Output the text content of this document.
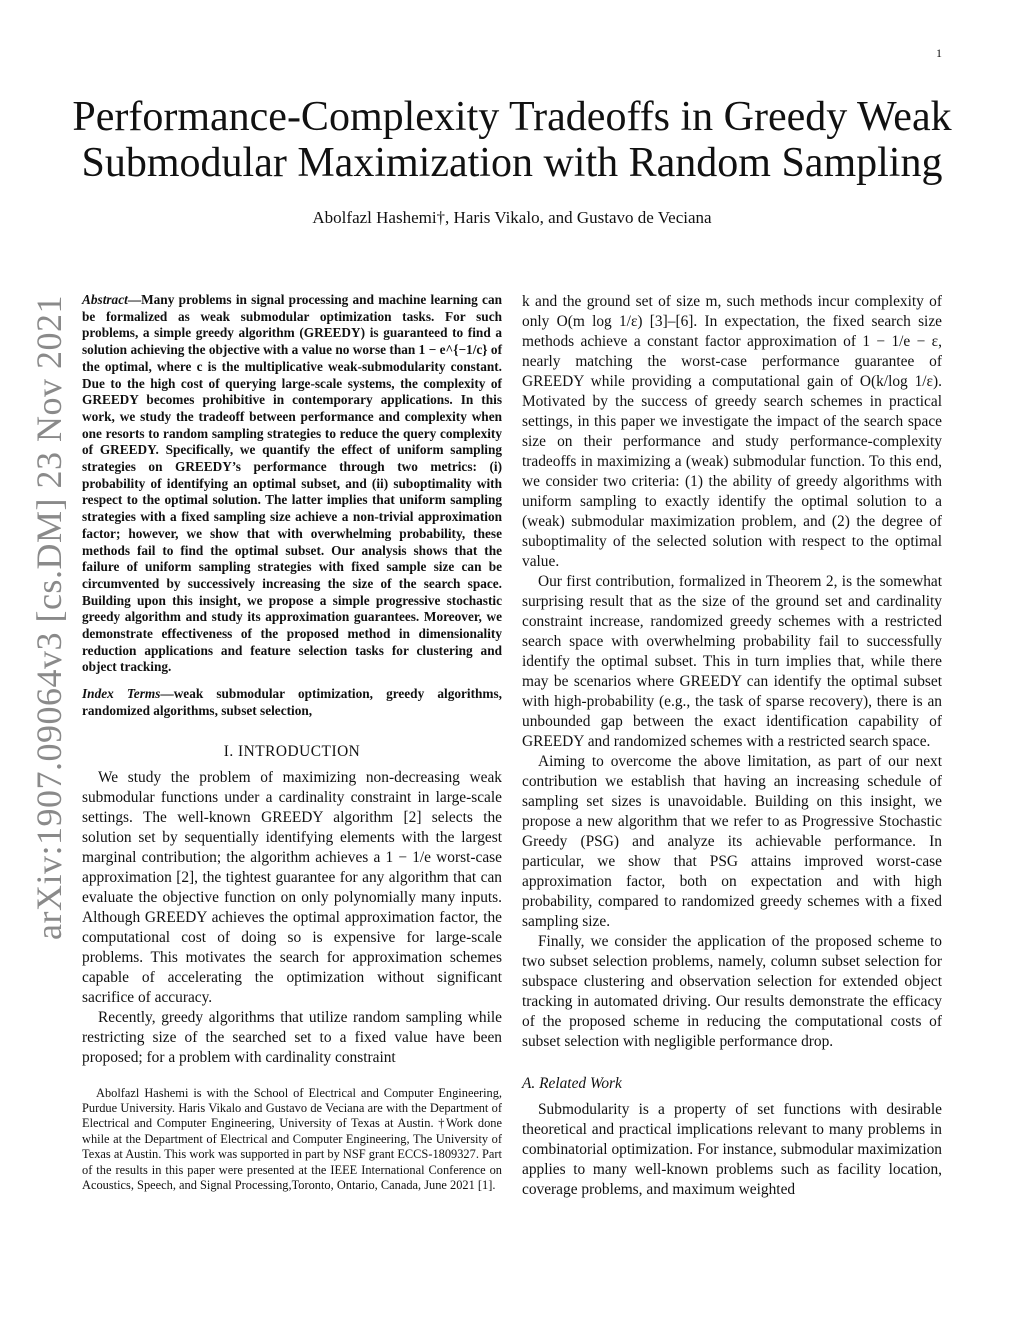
1
arXiv:1907.09064v3 [cs.DM] 23 Nov 2021
Performance-Complexity Tradeoffs in Greedy Weak Submodular Maximization with Random Sampling
Abolfazl Hashemi†, Haris Vikalo, and Gustavo de Veciana

Abstract—Many problems in signal processing and machine learning can be formalized as weak submodular optimization tasks. For such problems, a simple greedy algorithm (GREEDY) is guaranteed to find a solution achieving the objective with a value no worse than 1 − e^{−1/c} of the optimal, where c is the multiplicative weak-submodularity constant. Due to the high cost of querying large-scale systems, the complexity of GREEDY becomes prohibitive in contemporary applications. In this work, we study the tradeoff between performance and complexity when one resorts to random sampling strategies to reduce the query complexity of GREEDY. Specifically, we quantify the effect of uniform sampling strategies on GREEDY’s performance through two metrics: (i) probability of identifying an optimal subset, and (ii) suboptimality with respect to the optimal solution. The latter implies that uniform sampling strategies with a fixed sampling size achieve a non-trivial approximation factor; however, we show that with overwhelming probability, these methods fail to find the optimal subset. Our analysis shows that the failure of uniform sampling strategies with fixed sample size can be circumvented by successively increasing the size of the search space. Building upon this insight, we propose a simple progressive stochastic greedy algorithm and study its approximation guarantees. Moreover, we demonstrate effectiveness of the proposed method in dimensionality reduction applications and feature selection tasks for clustering and object tracking.

Index Terms—weak submodular optimization, greedy algorithms, randomized algorithms, subset selection,

I. INTRODUCTION

We study the problem of maximizing non-decreasing weak submodular functions under a cardinality constraint in large-scale settings. The well-known GREEDY algorithm [2] selects the solution set by sequentially identifying elements with the largest marginal contribution; the algorithm achieves a 1 − 1/e worst-case approximation [2], the tightest guarantee for any algorithm that can evaluate the objective function on only polynomially many inputs. Although GREEDY achieves the optimal approximation factor, the computational cost of doing so is expensive for large-scale problems. This motivates the search for approximation schemes capable of accelerating the optimization without significant sacrifice of accuracy.

Recently, greedy algorithms that utilize random sampling while restricting size of the searched set to a fixed value have been proposed; for a problem with cardinality constraint

Abolfazl Hashemi is with the School of Electrical and Computer Engineering, Purdue University. Haris Vikalo and Gustavo de Veciana are with the Department of Electrical and Computer Engineering, University of Texas at Austin. †Work done while at the Department of Electrical and Computer Engineering, The University of Texas at Austin. This work was supported in part by NSF grant ECCS-1809327. Part of the results in this paper were presented at the IEEE International Conference on Acoustics, Speech, and Signal Processing,Toronto, Ontario, Canada, June 2021 [1].

k and the ground set of size m, such methods incur complexity of only O(m log 1/ε) [3]–[6]. In expectation, the fixed search size methods achieve a constant factor approximation of 1 − 1/e − ε, nearly matching the worst-case performance guarantee of GREEDY while providing a computational gain of O(k/log 1/ε). Motivated by the success of greedy search schemes in practical settings, in this paper we investigate the impact of the search space size on their performance and study performance-complexity tradeoffs in maximizing a (weak) submodular function. To this end, we consider two criteria: (1) the ability of greedy algorithms with uniform sampling to exactly identify the optimal solution to a (weak) submodular maximization problem, and (2) the degree of suboptimality of the selected solution with respect to the optimal value.

Our first contribution, formalized in Theorem 2, is the somewhat surprising result that as the size of the ground set and cardinality constraint increase, randomized greedy schemes with a restricted search space with overwhelming probability fail to successfully identify the optimal subset. This in turn implies that, while there may be scenarios where GREEDY can identify the optimal subset with high-probability (e.g., the task of sparse recovery), there is an unbounded gap between the exact identification capability of GREEDY and randomized schemes with a restricted search space.

Aiming to overcome the above limitation, as part of our next contribution we establish that having an increasing schedule of sampling set sizes is unavoidable. Building on this insight, we propose a new algorithm that we refer to as Progressive Stochastic Greedy (PSG) and analyze its achievable performance. In particular, we show that PSG attains improved worst-case approximation factor, both on expectation and with high probability, compared to randomized greedy schemes with a fixed sampling size.

Finally, we consider the application of the proposed scheme to two subset selection problems, namely, column subset selection for subspace clustering and observation selection for extended object tracking in automated driving. Our results demonstrate the efficacy of the proposed scheme in reducing the computational costs of subset selection with negligible performance drop.

A. Related Work

Submodularity is a property of set functions with desirable theoretical and practical implications relevant to many problems in combinatorial optimization. For instance, submodular maximization applies to many well-known problems such as facility location, coverage problems, and maximum weighted
